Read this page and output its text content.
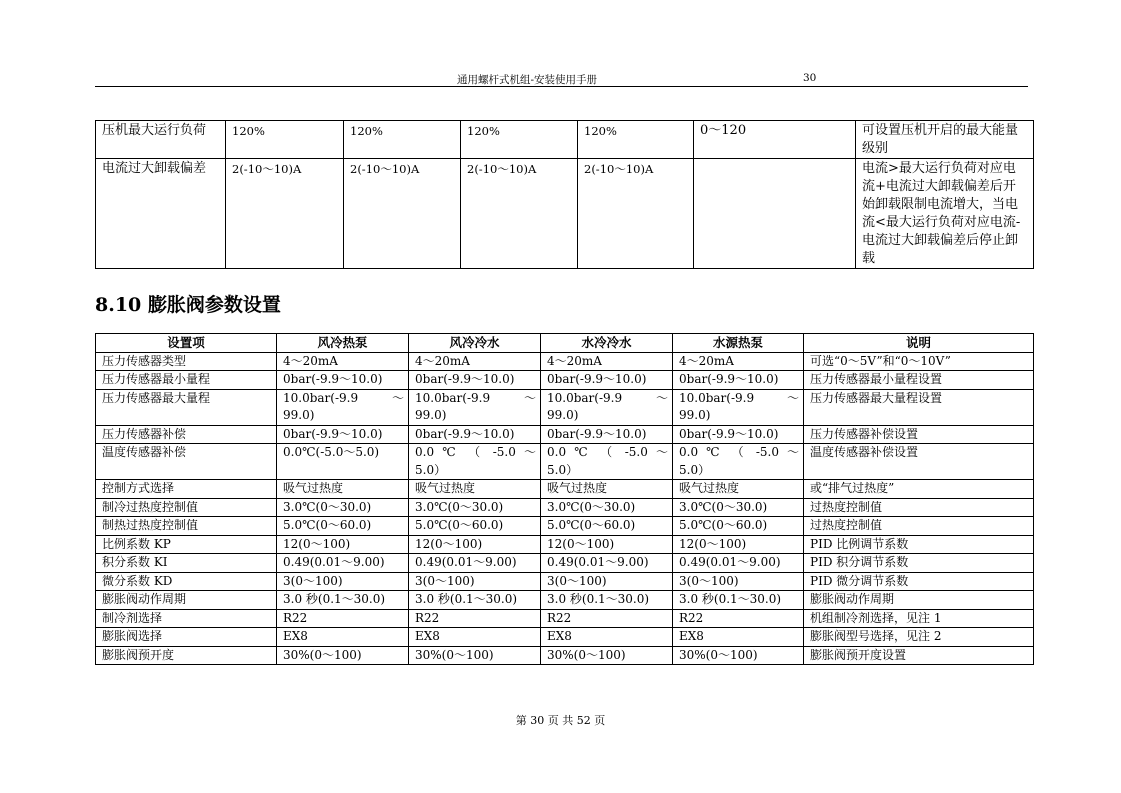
通用螺杆式机组-安装使用手册	30
压机最大运行负荷	120%	120%	120%	120%	0～120	可设置压机开启的最大能量级别
电流过大卸载偏差	2(-10～10)A	2(-10～10)A	2(-10～10)A	2(-10～10)A		电流>最大运行负荷对应电流+电流过大卸载偏差后开始卸载限制电流增大，当电流<最大运行负荷对应电流-电流过大卸载偏差后停止卸载
8.10 膨胀阀参数设置
设置项	风冷热泵	风冷冷水	水冷冷水	水源热泵	说明
压力传感器类型	4～20mA	4～20mA	4～20mA	4～20mA	可选“0～5V”和“0～10V”
压力传感器最小量程	0bar(-9.9～10.0)	0bar(-9.9～10.0)	0bar(-9.9～10.0)	0bar(-9.9～10.0)	压力传感器最小量程设置
压力传感器最大量程	10.0bar(-9.9 ～ 99.0)	10.0bar(-9.9 ～ 99.0)	10.0bar(-9.9 ～ 99.0)	10.0bar(-9.9 ～ 99.0)	压力传感器最大量程设置
压力传感器补偿	0bar(-9.9～10.0)	0bar(-9.9～10.0)	0bar(-9.9～10.0)	0bar(-9.9～10.0)	压力传感器补偿设置
温度传感器补偿	0.0℃(-5.0～5.0)	0.0 ℃ （ -5.0 ～ 5.0）	0.0 ℃ （ -5.0 ～ 5.0）	0.0 ℃ （ -5.0 ～ 5.0）	温度传感器补偿设置
控制方式选择	吸气过热度	吸气过热度	吸气过热度	吸气过热度	或“排气过热度”
制冷过热度控制值	3.0℃(0～30.0)	3.0℃(0～30.0)	3.0℃(0～30.0)	3.0℃(0～30.0)	过热度控制值
制热过热度控制值	5.0℃(0～60.0)	5.0℃(0～60.0)	5.0℃(0～60.0)	5.0℃(0～60.0)	过热度控制值
比例系数 KP	12(0～100)	12(0～100)	12(0～100)	12(0～100)	PID 比例调节系数
积分系数 KI	0.49(0.01～9.00)	0.49(0.01～9.00)	0.49(0.01～9.00)	0.49(0.01～9.00)	PID 积分调节系数
微分系数 KD	3(0～100)	3(0～100)	3(0～100)	3(0～100)	PID 微分调节系数
膨胀阀动作周期	3.0 秒(0.1～30.0)	3.0 秒(0.1～30.0)	3.0 秒(0.1～30.0)	3.0 秒(0.1～30.0)	膨胀阀动作周期
制冷剂选择	R22	R22	R22	R22	机组制冷剂选择，见注 1
膨胀阀选择	EX8	EX8	EX8	EX8	膨胀阀型号选择，见注 2
膨胀阀预开度	30%(0～100)	30%(0～100)	30%(0～100)	30%(0～100)	膨胀阀预开度设置
第 30 页 共 52 页
